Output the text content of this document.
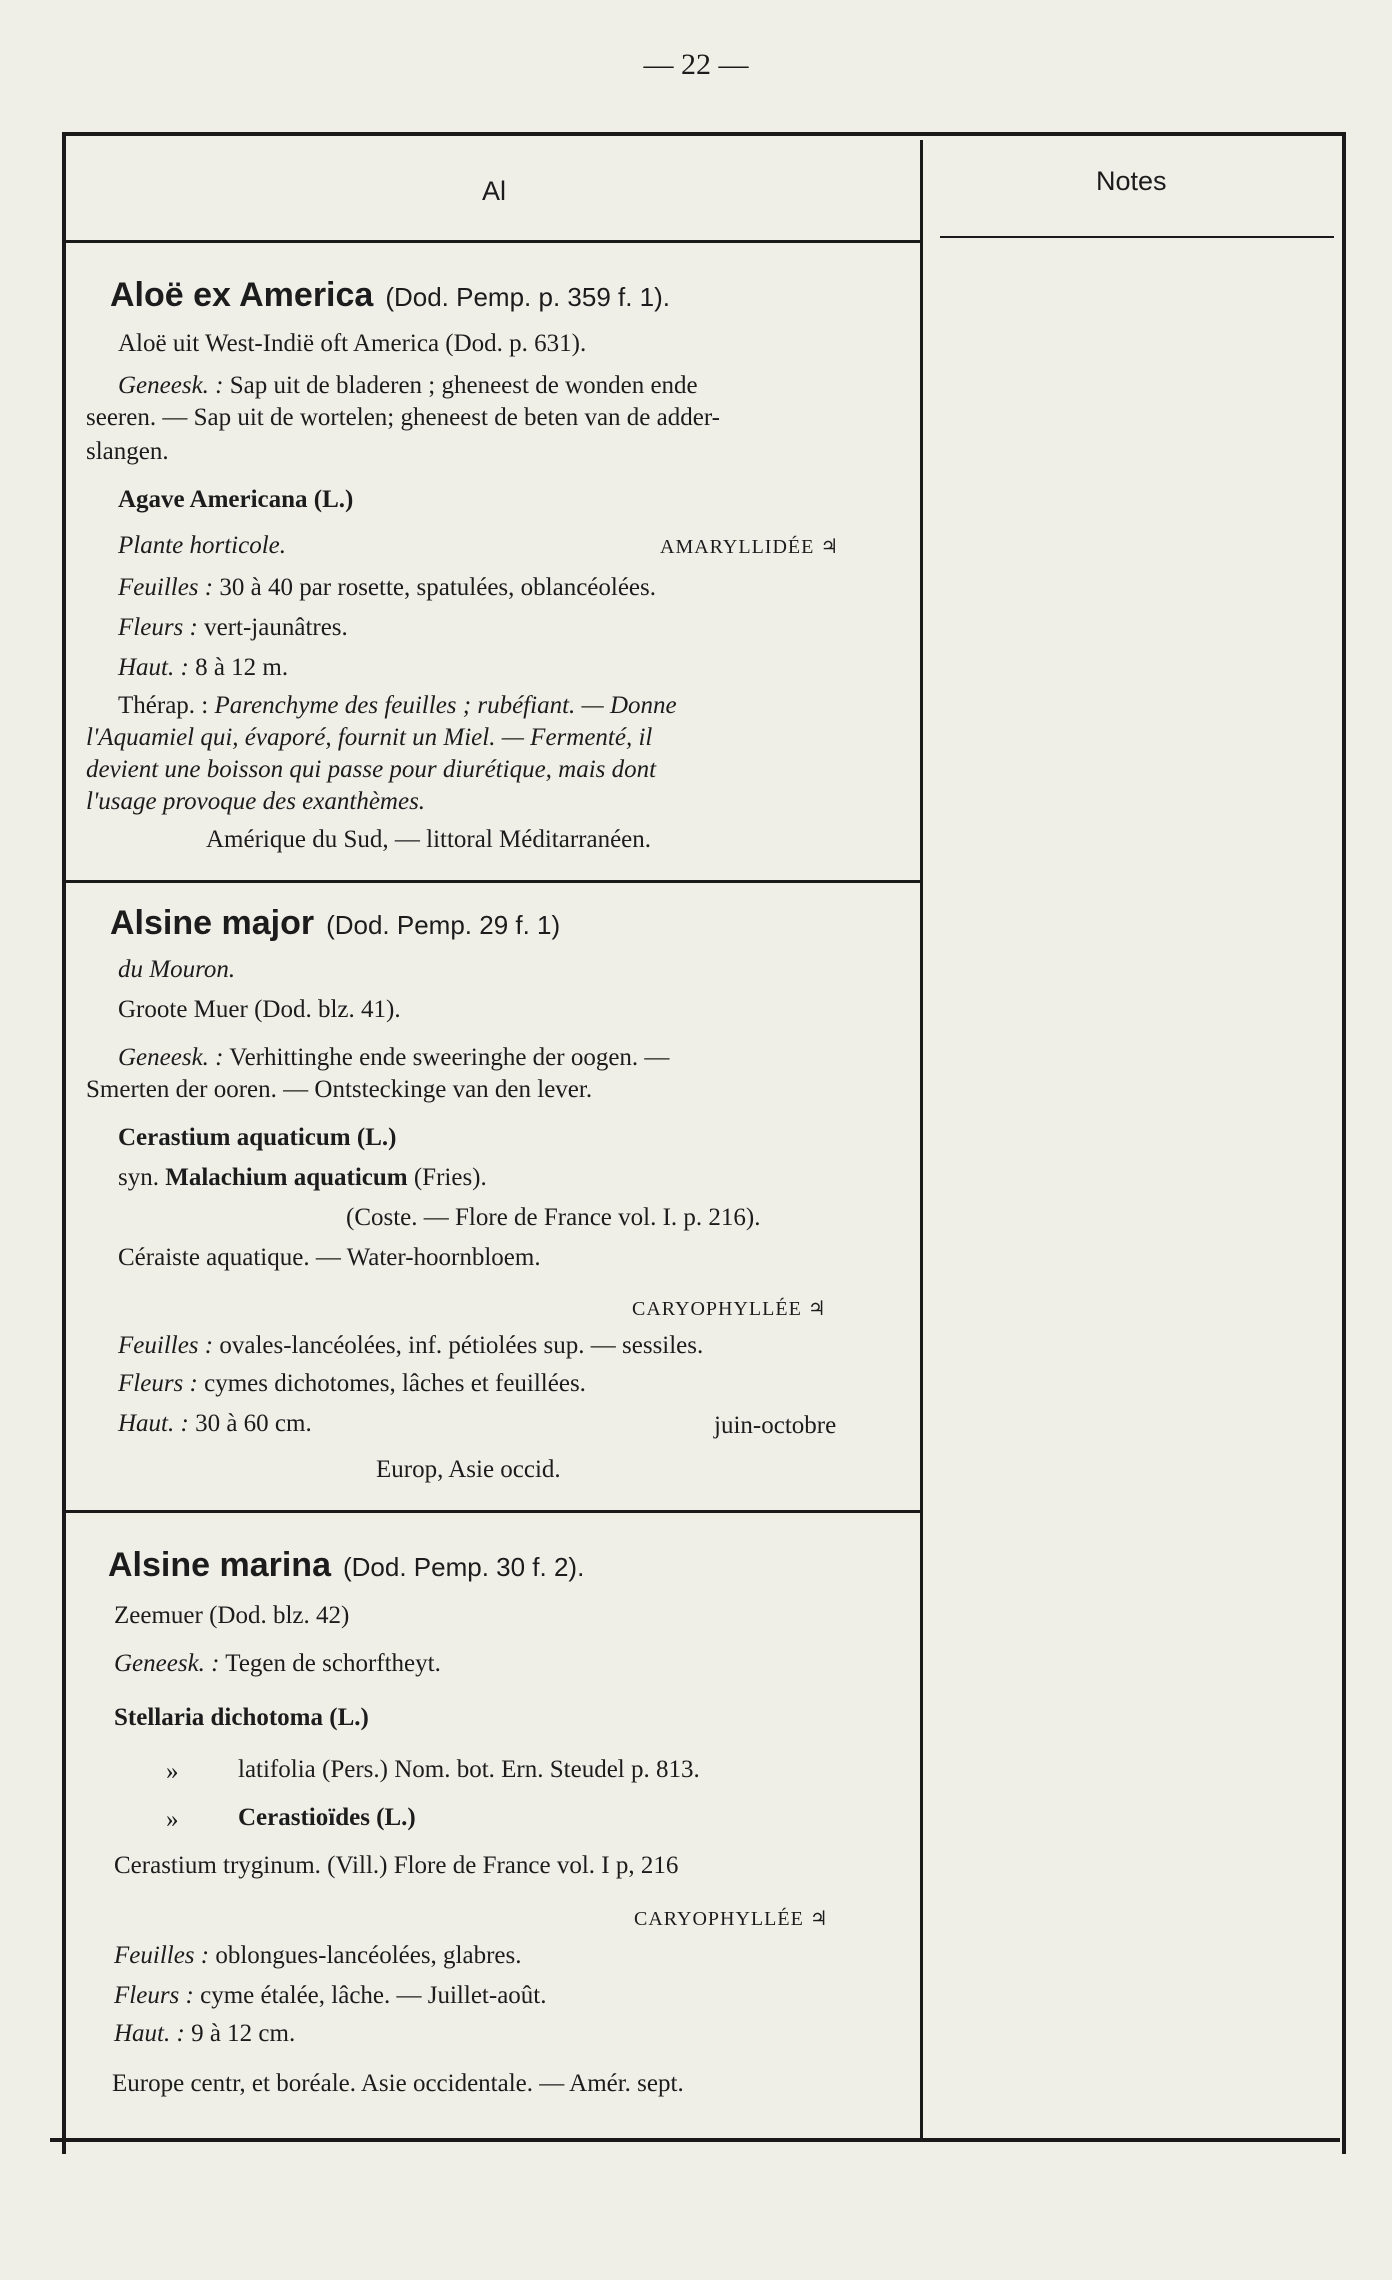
— 22 —
Al	Notes
Aloë ex America (Dod. Pemp. p. 359 f. 1).
Aloë uit West-Indië oft America (Dod. p. 631).
Geneesk. : Sap uit de bladeren ; gheneest de wonden ende
seeren. — Sap uit de wortelen; gheneest de beten van de adder-
slangen.
Agave Americana (L.)
Plante horticole.	AMARYLLIDÉE ♃
Feuilles : 30 à 40 par rosette, spatulées, oblancéolées.
Fleurs : vert-jaunâtres.
Haut. : 8 à 12 m.
Thérap. : Parenchyme des feuilles ; rubéfiant. — Donne
l'Aquamiel qui, évaporé, fournit un Miel. — Fermenté, il
devient une boisson qui passe pour diurétique, mais dont
l'usage provoque des exanthèmes.
Amérique du Sud, — littoral Méditarranéen.
Alsine major (Dod. Pemp. 29 f. 1)
du Mouron.
Groote Muer (Dod. blz. 41).
Geneesk. : Verhittinghe ende sweeringhe der oogen. —
Smerten der ooren. — Ontsteckinge van den lever.
Cerastium aquaticum (L.)
syn. Malachium aquaticum (Fries).
(Coste. — Flore de France vol. I. p. 216).
Céraiste aquatique. — Water-hoornbloem.
CARYOPHYLLÉE ♃
Feuilles : ovales-lancéolées, inf. pétiolées sup. — sessiles.
Fleurs : cymes dichotomes, lâches et feuillées.
Haut. : 30 à 60 cm.	juin-octobre
Europ, Asie occid.
Alsine marina (Dod. Pemp. 30 f. 2).
Zeemuer (Dod. blz. 42)
Geneesk. : Tegen de schorftheyt.
Stellaria dichotoma (L.)
» latifolia (Pers.) Nom. bot. Ern. Steudel p. 813.
» Cerastioïdes (L.)
Cerastium tryginum. (Vill.) Flore de France vol. I p, 216
CARYOPHYLLÉE ♃
Feuilles : oblongues-lancéolées, glabres.
Fleurs : cyme étalée, lâche. — Juillet-août.
Haut. : 9 à 12 cm.
Europe centr, et boréale. Asie occidentale. — Amér. sept.
